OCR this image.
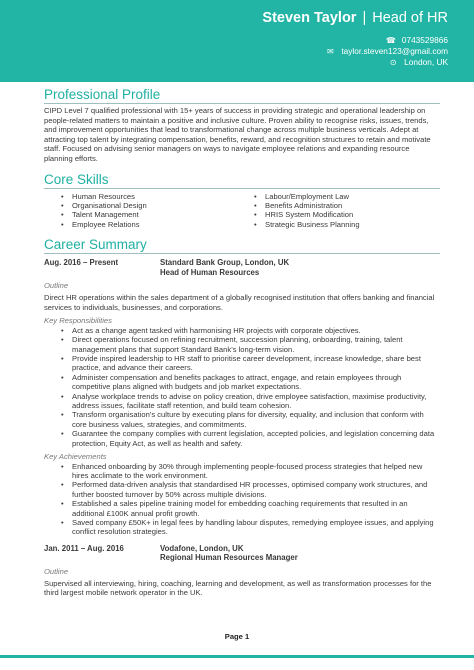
Steven Taylor | Head of HR
☎ 0743529866
✉ taylor.steven123@gmail.com
⊙ London, UK
Professional Profile

CIPD Level 7 qualified professional with 15+ years of success in providing strategic and operational leadership on people-related matters to maintain a positive and inclusive culture. Proven ability to recognise risks, issues, trends, and improvement opportunities that lead to transformational change across multiple business verticals. Adept at attracting top talent by integrating compensation, benefits, reward, and recognition structures to retain and motivate staff. Focused on advising senior managers on ways to navigate employee relations and expanding resource planning efforts.

Core Skills
• Human Resources
• Organisational Design
• Talent Management
• Employee Relations
• Labour/Employment Law
• Benefits Administration
• HRIS System Modification
• Strategic Business Planning
Career Summary
Aug. 2016 – Present	Standard Bank Group, London, UK
Head of Human Resources
Outline

Direct HR operations within the sales department of a globally recognised institution that offers banking and financial services to individuals, businesses, and corporations.

Key Responsibilities
• Act as a change agent tasked with harmonising HR projects with corporate objectives.
• Direct operations focused on refining recruitment, succession planning, onboarding, training, talent management plans that support Standard Bank’s long-term vision.
• Provide inspired leadership to HR staff to prioritise career development, increase knowledge, share best practice, and advance their careers.
• Administer compensation and benefits packages to attract, engage, and retain employees through competitive plans aligned with budgets and job market expectations.
• Analyse workplace trends to advise on policy creation, drive employee satisfaction, maximise productivity, address issues, facilitate staff retention, and build team cohesion.
• Transform organisation’s culture by executing plans for diversity, equality, and inclusion that conform with core business values, strategies, and commitments.
• Guarantee the company complies with current legislation, accepted policies, and legislation concerning data protection, Equity Act, as well as health and safety.
Key Achievements
• Enhanced onboarding by 30% through implementing people-focused process strategies that helped new hires acclimate to the work environment.
• Performed data-driven analysis that standardised HR processes, optimised company work structures, and further boosted turnover by 50% across multiple divisions.
• Established a sales pipeline training model for embedding coaching requirements that resulted in an additional £100K annual profit growth.
• Saved company £50K+ in legal fees by handling labour disputes, remedying employee issues, and applying conflict resolution strategies.
Jan. 2011 – Aug. 2016	Vodafone, London, UK
Regional Human Resources Manager
Outline

Supervised all interviewing, hiring, coaching, learning and development, as well as transformation processes for the third largest mobile network operator in the UK.

Page 1
